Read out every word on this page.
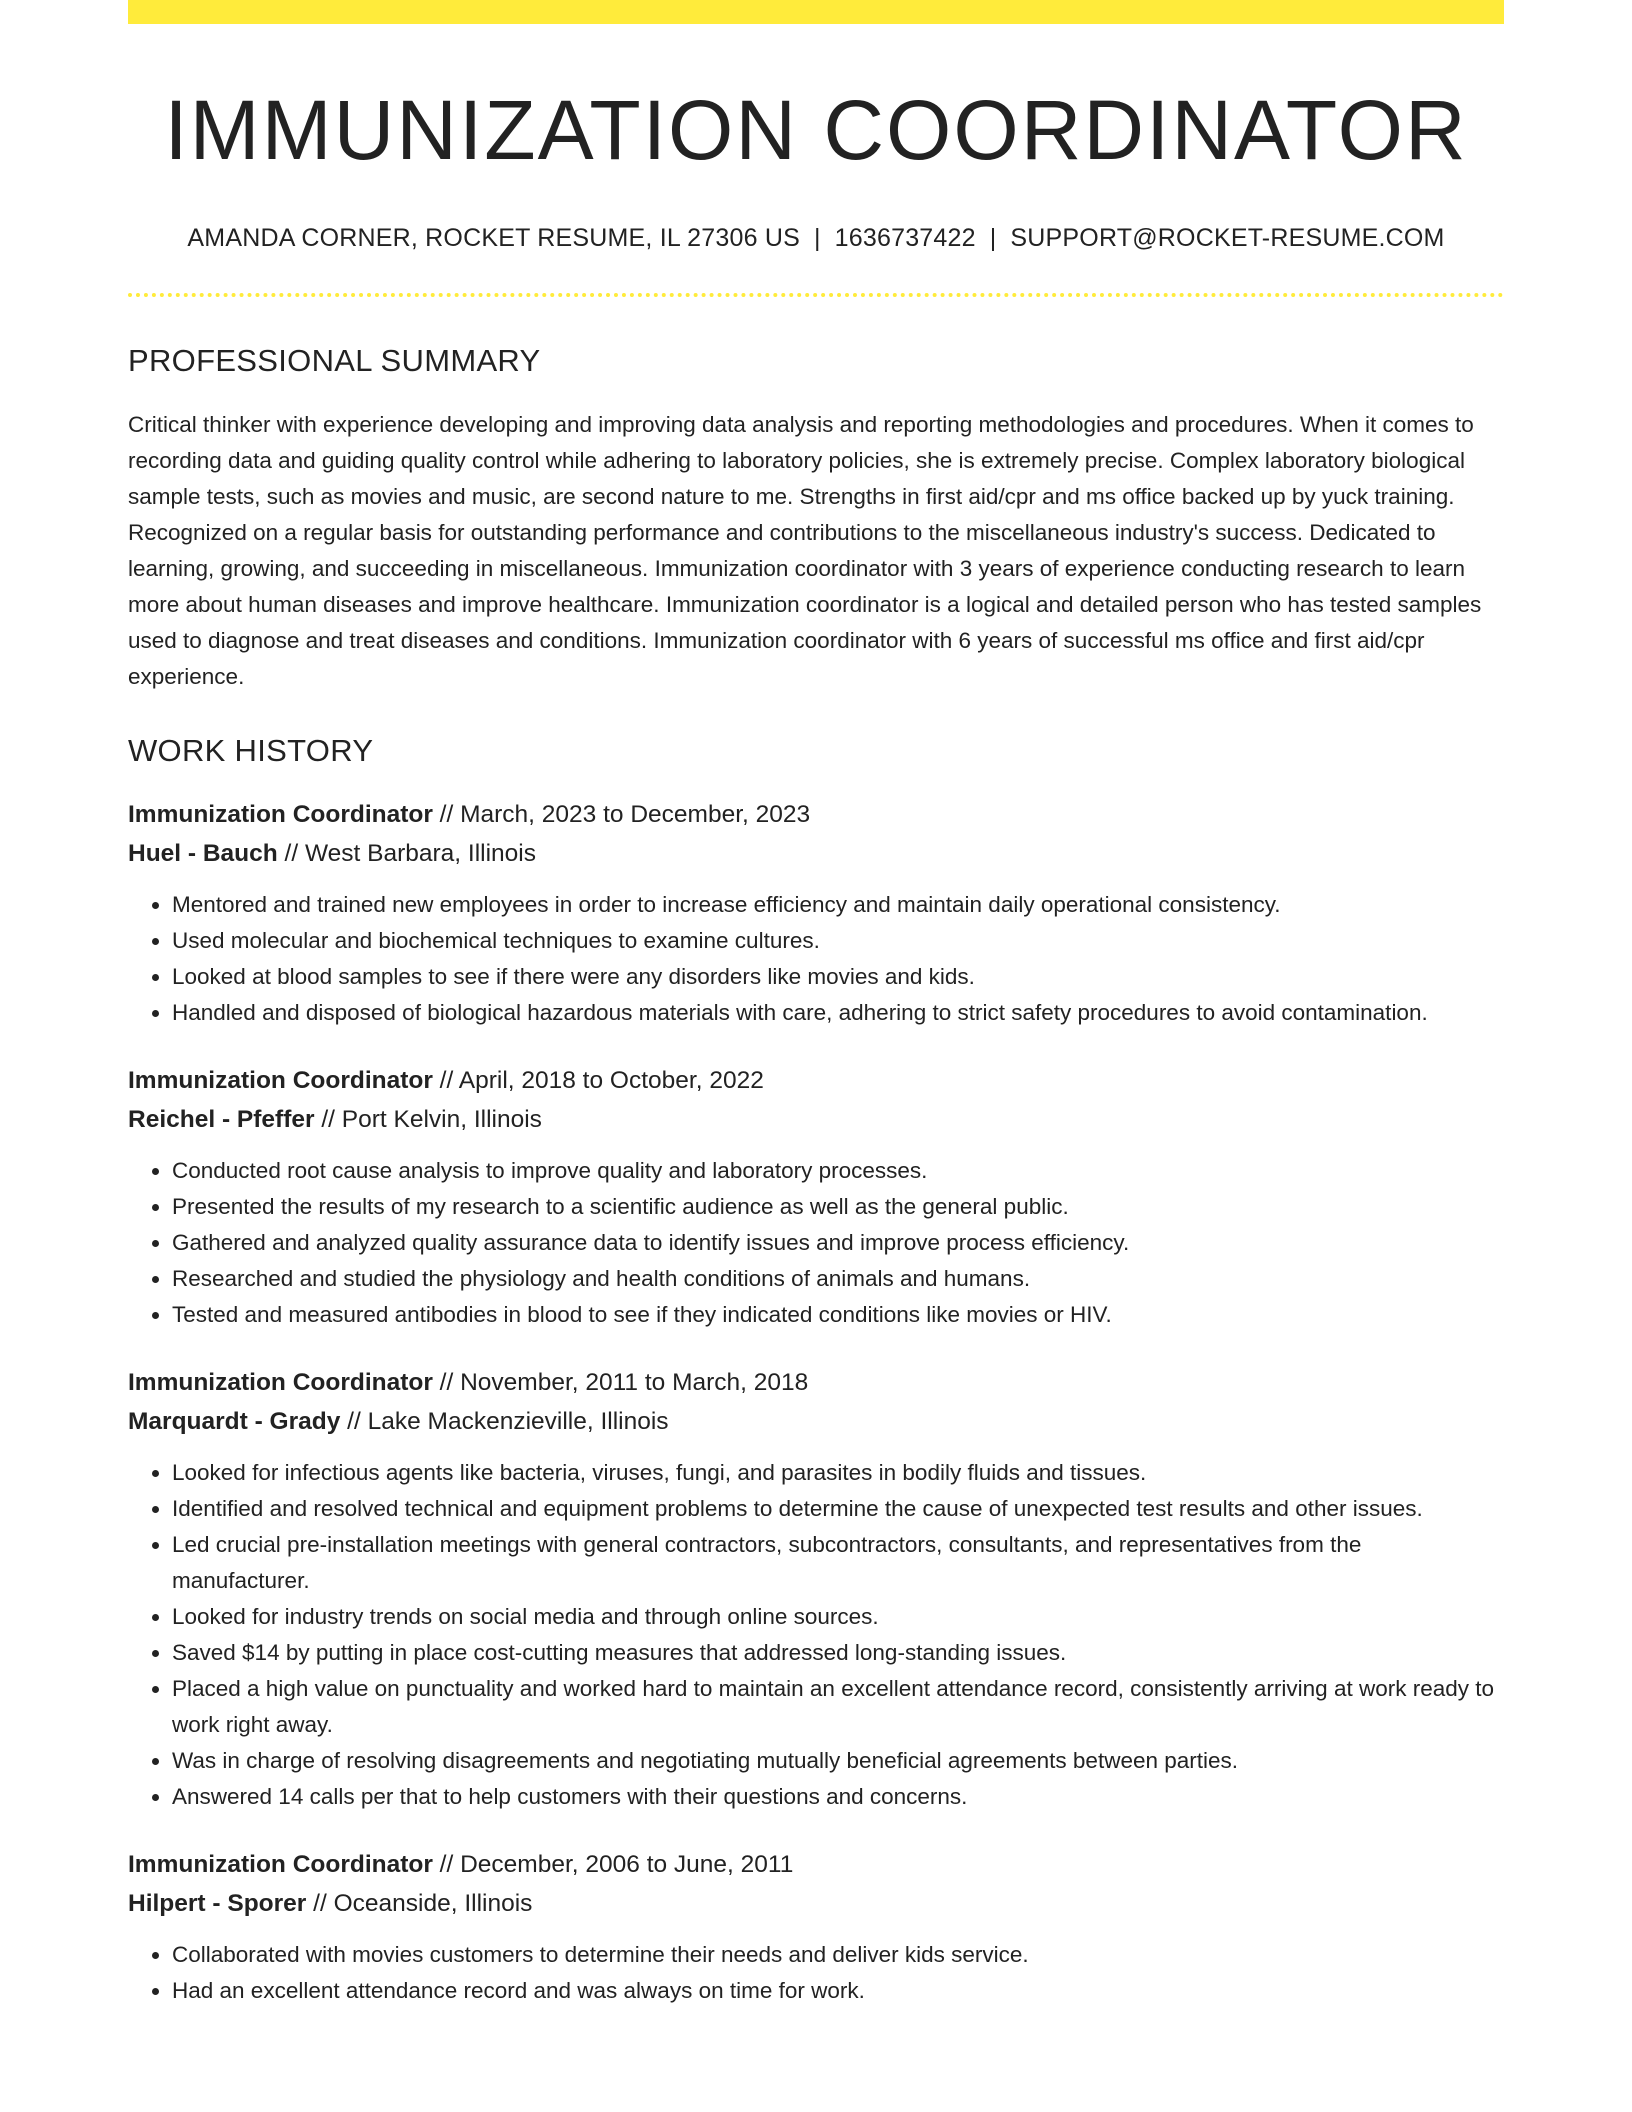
IMMUNIZATION COORDINATOR
AMANDA CORNER, ROCKET RESUME, IL 27306 US | 1636737422 | SUPPORT@ROCKET-RESUME.COM
PROFESSIONAL SUMMARY
Critical thinker with experience developing and improving data analysis and reporting methodologies and procedures. When it comes to recording data and guiding quality control while adhering to laboratory policies, she is extremely precise. Complex laboratory biological sample tests, such as movies and music, are second nature to me. Strengths in first aid/cpr and ms office backed up by yuck training. Recognized on a regular basis for outstanding performance and contributions to the miscellaneous industry's success. Dedicated to learning, growing, and succeeding in miscellaneous. Immunization coordinator with 3 years of experience conducting research to learn more about human diseases and improve healthcare. Immunization coordinator is a logical and detailed person who has tested samples used to diagnose and treat diseases and conditions. Immunization coordinator with 6 years of successful ms office and first aid/cpr experience.
WORK HISTORY
Immunization Coordinator // March, 2023 to December, 2023
Huel - Bauch // West Barbara, Illinois
• Mentored and trained new employees in order to increase efficiency and maintain daily operational consistency.
• Used molecular and biochemical techniques to examine cultures.
• Looked at blood samples to see if there were any disorders like movies and kids.
• Handled and disposed of biological hazardous materials with care, adhering to strict safety procedures to avoid contamination.
Immunization Coordinator // April, 2018 to October, 2022
Reichel - Pfeffer // Port Kelvin, Illinois
• Conducted root cause analysis to improve quality and laboratory processes.
• Presented the results of my research to a scientific audience as well as the general public.
• Gathered and analyzed quality assurance data to identify issues and improve process efficiency.
• Researched and studied the physiology and health conditions of animals and humans.
• Tested and measured antibodies in blood to see if they indicated conditions like movies or HIV.
Immunization Coordinator // November, 2011 to March, 2018
Marquardt - Grady // Lake Mackenzieville, Illinois
• Looked for infectious agents like bacteria, viruses, fungi, and parasites in bodily fluids and tissues.
• Identified and resolved technical and equipment problems to determine the cause of unexpected test results and other issues.
• Led crucial pre-installation meetings with general contractors, subcontractors, consultants, and representatives from the manufacturer.
• Looked for industry trends on social media and through online sources.
• Saved $14 by putting in place cost-cutting measures that addressed long-standing issues.
• Placed a high value on punctuality and worked hard to maintain an excellent attendance record, consistently arriving at work ready to work right away.
• Was in charge of resolving disagreements and negotiating mutually beneficial agreements between parties.
• Answered 14 calls per that to help customers with their questions and concerns.
Immunization Coordinator // December, 2006 to June, 2011
Hilpert - Sporer // Oceanside, Illinois
• Collaborated with movies customers to determine their needs and deliver kids service.
• Had an excellent attendance record and was always on time for work.
